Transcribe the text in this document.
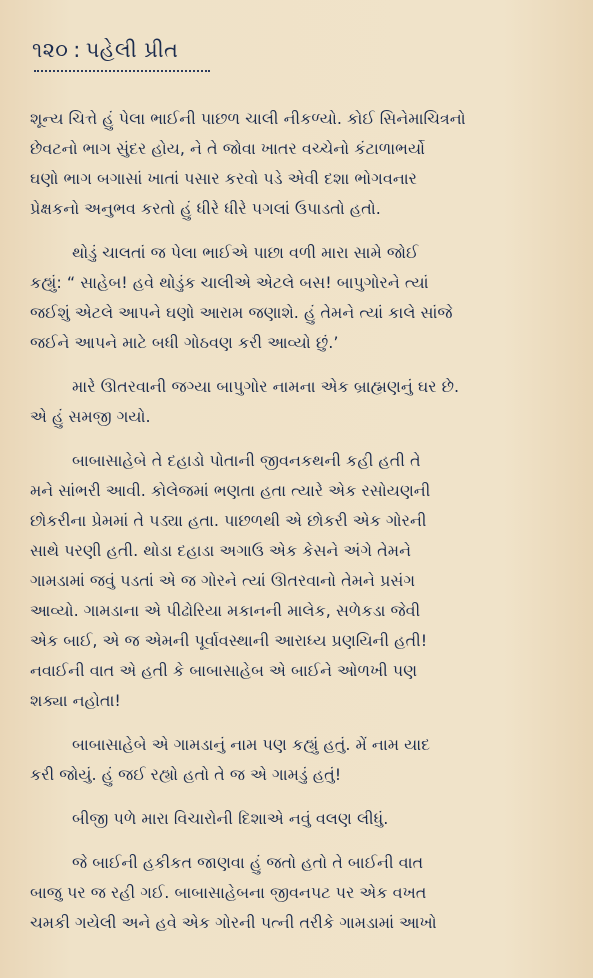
૧૨૦ : પહેલી પ્રીત
શૂન્ય ચિત્તે હું પેલા ભાઈની પાછળ ચાલી નીકળ્યો. કોઈ સિનેમાચિત્રનો
છેવટનો ભાગ સુંદર હોય, ને તે જોવા ખાતર વચ્ચેનો કંટાળાભર્યો
ઘણો ભાગ બગાસાં ખાતાં પસાર કરવો પડે એવી દશા ભોગવનાર
પ્રેક્ષકનો અનુભવ કરતો હું ધીરે ધીરે પગલાં ઉપાડતો હતો.
થોડું ચાલતાં જ પેલા ભાઈએ પાછા વળી મારા સામે જોઈ
કહ્યું: “ સાહેબ! હવે થોડુંક ચાલીએ એટલે બસ! બાપુગોરને ત્યાં
જઈશું એટલે આપને ઘણો આરામ જણાશે. હું તેમને ત્યાં કાલે સાંજે
જઈને આપને માટે બધી ગોઠવણ કરી આવ્યો છું.’
મારે ઊતરવાની જગ્યા બાપુગોર નામના એક બ્રાહ્મણનું ઘર છે.
એ હું સમજી ગયો.
બાબાસાહેબે તે દહાડો પોતાની જીવનકથની કહી હતી તે
મને સાંભરી આવી. કોલેજમાં ભણતા હતા ત્યારે એક રસોયણની
છોકરીના પ્રેમમાં તે પડ્યા હતા. પાછળથી એ છોકરી એક ગોરની
સાથે પરણી હતી. થોડા દહાડા અગાઉ એક કેસને અંગે તેમને
ગામડામાં જવું પડતાં એ જ ગોરને ત્યાં ઊતરવાનો તેમને પ્રસંગ
આવ્યો. ગામડાના એ પીઢોરિયા મકાનની માલેક, સળેકડા જેવી
એક બાઈ, એ જ એમની પૂર્વાવસ્થાની આરાધ્ય પ્રણયિની હતી!
નવાઈની વાત એ હતી કે બાબાસાહેબ એ બાઈને ઓળખી પણ
શક્યા નહોતા!
બાબાસાહેબે એ ગામડાનું નામ પણ કહ્યું હતું. મેં નામ યાદ
કરી જોયું. હું જઈ રહ્યો હતો તે જ એ ગામડું હતું!
બીજી પળે મારા વિચારોની દિશાએ નવું વલણ લીધું.
જે બાઈની હકીકત જાણવા હું જતો હતો તે બાઈની વાત
બાજુ પર જ રહી ગઈ. બાબાસાહેબના જીવનપટ પર એક વખત
ચમકી ગયેલી અને હવે એક ગોરની પત્ની તરીકે ગામડામાં આખો
